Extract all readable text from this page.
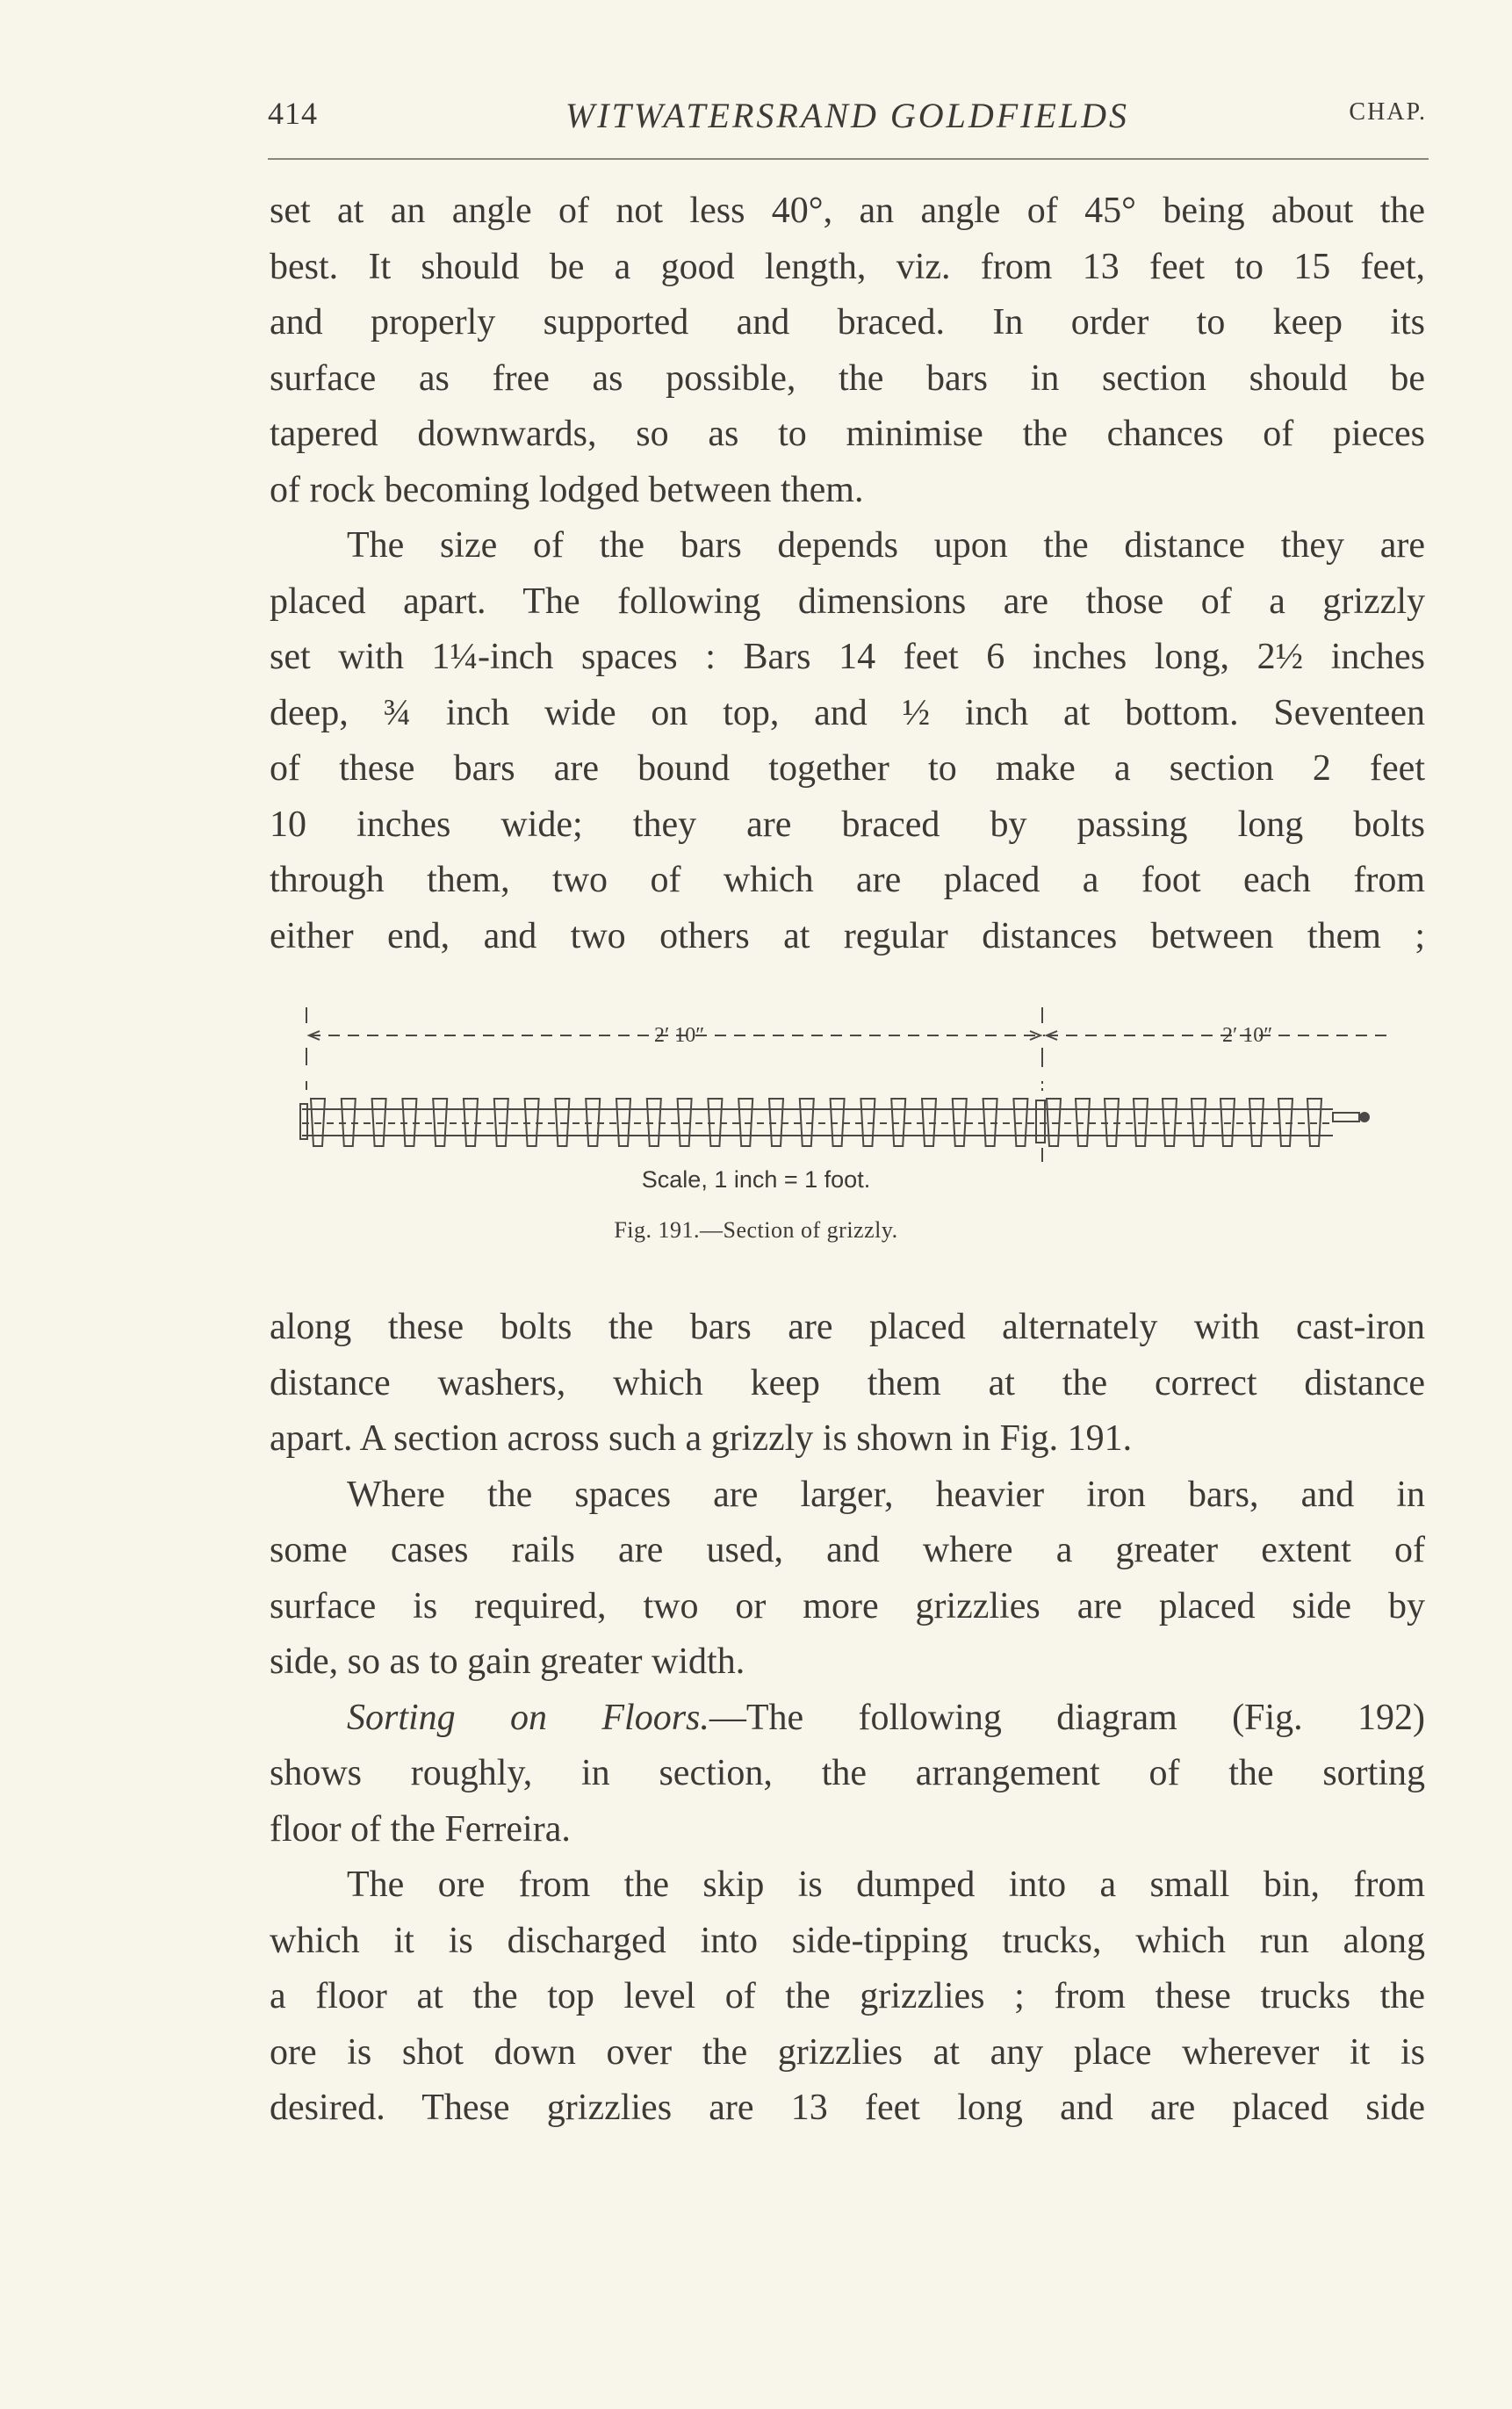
414	WITWATERSRAND GOLDFIELDS	CHAP.
set at an angle of not less 40°, an angle of 45° being about the
best. It should be a good length, viz. from 13 feet to 15 feet,
and properly supported and braced. In order to keep its
surface as free as possible, the bars in section should be
tapered downwards, so as to minimise the chances of pieces
of rock becoming lodged between them.
The size of the bars depends upon the distance they are
placed apart. The following dimensions are those of a grizzly
set with 1¼-inch spaces : Bars 14 feet 6 inches long, 2½ inches
deep, ¾ inch wide on top, and ½ inch at bottom. Seventeen
of these bars are bound together to make a section 2 feet
10 inches wide; they are braced by passing long bolts
through them, two of which are placed a foot each from
either end, and two others at regular distances between them ;
2′ 10″	2′ 10″
Scale, 1 inch = 1 foot.
Fig. 191.—Section of grizzly.
along these bolts the bars are placed alternately with cast-iron
distance washers, which keep them at the correct distance
apart. A section across such a grizzly is shown in Fig. 191.
Where the spaces are larger, heavier iron bars, and in
some cases rails are used, and where a greater extent of
surface is required, two or more grizzlies are placed side by
side, so as to gain greater width.
Sorting on Floors.—The following diagram (Fig. 192)
shows roughly, in section, the arrangement of the sorting
floor of the Ferreira.
The ore from the skip is dumped into a small bin, from
which it is discharged into side-tipping trucks, which run along
a floor at the top level of the grizzlies ; from these trucks the
ore is shot down over the grizzlies at any place wherever it is
desired. These grizzlies are 13 feet long and are placed side
